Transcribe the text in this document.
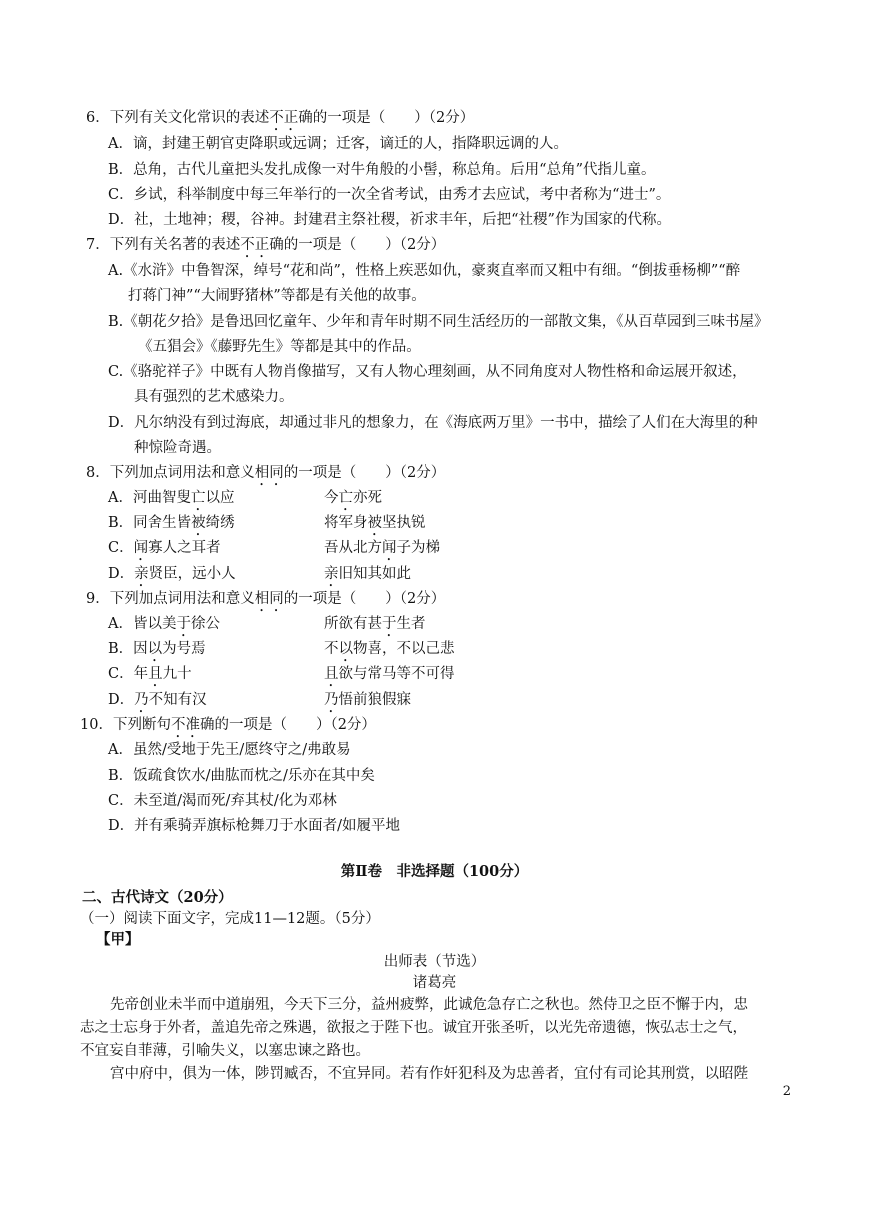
6．下列有关文化常识的表述不正确的一项是（　　）（2分）
A．谪，封建王朝官吏降职或远调；迁客，谪迁的人，指降职远调的人。
B．总角，古代儿童把头发扎成像一对牛角般的小髻，称总角。后用“总角”代指儿童。
C．乡试，科举制度中每三年举行的一次全省考试，由秀才去应试，考中者称为“进士”。
D．社，土地神；稷，谷神。封建君主祭社稷，祈求丰年，后把“社稷”作为国家的代称。
7．下列有关名著的表述不正确的一项是（　　）（2分）
A.《水浒》中鲁智深，绰号“花和尚”，性格上疾恶如仇，豪爽直率而又粗中有细。“倒拔垂杨柳”“醉
打蒋门神”“大闹野猪林”等都是有关他的故事。
B.《朝花夕拾》是鲁迅回忆童年、少年和青年时期不同生活经历的一部散文集，《从百草园到三味书屋》
《五猖会》《藤野先生》等都是其中的作品。
C.《骆驼祥子》中既有人物肖像描写，又有人物心理刻画，从不同角度对人物性格和命运展开叙述，
具有强烈的艺术感染力。
D．凡尔纳没有到过海底，却通过非凡的想象力，在《海底两万里》一书中，描绘了人们在大海里的种
种惊险奇遇。
8．下列加点词用法和意义相同的一项是（　　）（2分）
A．河曲智叟亡以应	今亡亦死
B．同舍生皆被绮绣	将军身被坚执锐
C．闻寡人之耳者	吾从北方闻子为梯
D．亲贤臣，远小人	亲旧知其如此
9．下列加点词用法和意义相同的一项是（　　）（2分）
A．皆以美于徐公	所欲有甚于生者
B．因以为号焉	不以物喜，不以己悲
C．年且九十	且欲与常马等不可得
D．乃不知有汉	乃悟前狼假寐
10．下列断句不准确的一项是（　　）（2分）
A．虽然/受地于先王/愿终守之/弗敢易
B．饭疏食饮水/曲肱而枕之/乐亦在其中矣
C．未至道/渴而死/弃其杖/化为邓林
D．并有乘骑弄旗标枪舞刀于水面者/如履平地
第Ⅱ卷　非选择题（100分）
二、古代诗文（20分）
（一）阅读下面文字，完成11—12题。（5分）
【甲】
出师表（节选）
诸葛亮
先帝创业未半而中道崩殂，今天下三分，益州疲弊，此诚危急存亡之秋也。然侍卫之臣不懈于内，忠
志之士忘身于外者，盖追先帝之殊遇，欲报之于陛下也。诚宜开张圣听，以光先帝遗德，恢弘志士之气，
不宜妄自菲薄，引喻失义，以塞忠谏之路也。
宫中府中，俱为一体，陟罚臧否，不宜异同。若有作奸犯科及为忠善者，宜付有司论其刑赏，以昭陛
2
